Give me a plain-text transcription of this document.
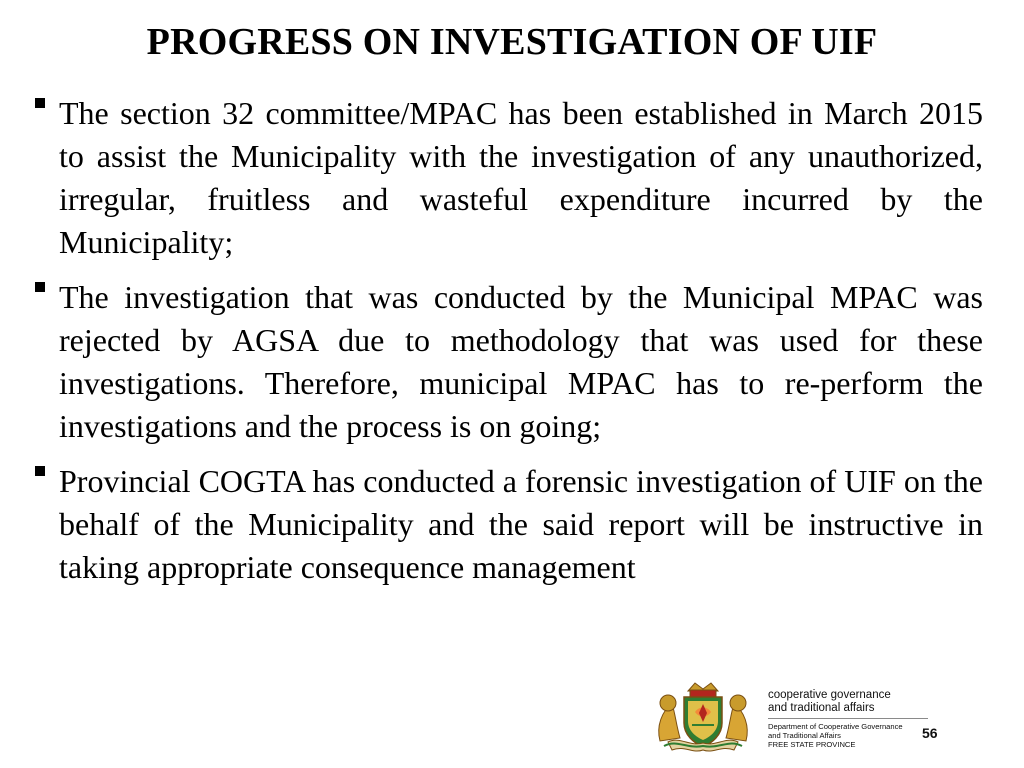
PROGRESS ON INVESTIGATION OF UIF
The section 32 committee/MPAC has been established in March 2015 to assist the Municipality with the investigation of any unauthorized, irregular, fruitless and wasteful expenditure incurred by the Municipality;
The investigation that was conducted by the Municipal MPAC was rejected by AGSA due to methodology that was used for these investigations. Therefore, municipal MPAC has to re-perform the investigations and the process is on going;
Provincial COGTA has conducted a forensic investigation of UIF on the behalf of the Municipality and the said report will be instructive in taking appropriate consequence management
cooperative governance
and traditional affairs
Department of Cooperative Governance
and Traditional Affairs
FREE STATE PROVINCE
56
